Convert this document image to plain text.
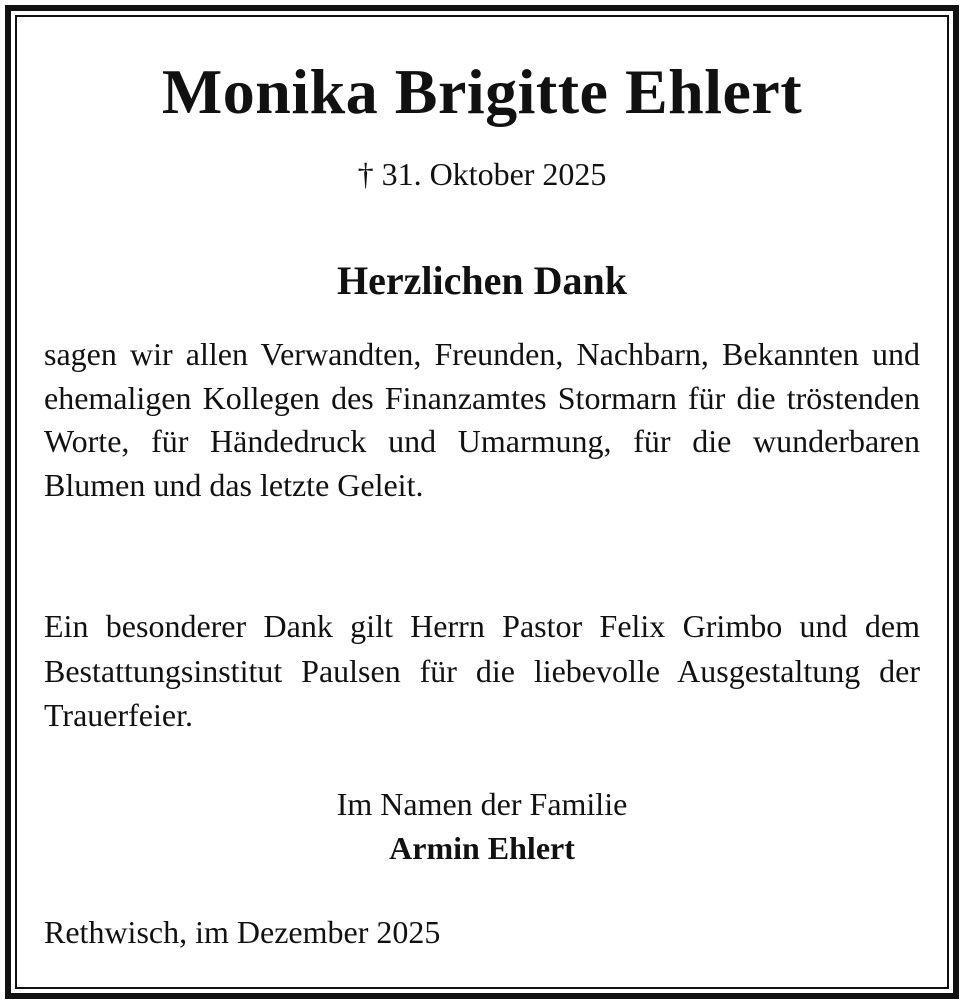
Monika Brigitte Ehlert
† 31. Oktober 2025
Herzlichen Dank
sagen wir allen Verwandten, Freunden, Nachbarn, Bekannten und ehemaligen Kollegen des Finanzamtes Stormarn für die tröstenden Worte, für Händedruck und Umarmung, für die wunderbaren Blumen und das letzte Geleit.
Ein besonderer Dank gilt Herrn Pastor Felix Grimbo und dem Bestattungsinstitut Paulsen für die liebevolle Ausgestaltung der Trauerfeier.
Im Namen der Familie
Armin Ehlert
Rethwisch, im Dezember 2025
